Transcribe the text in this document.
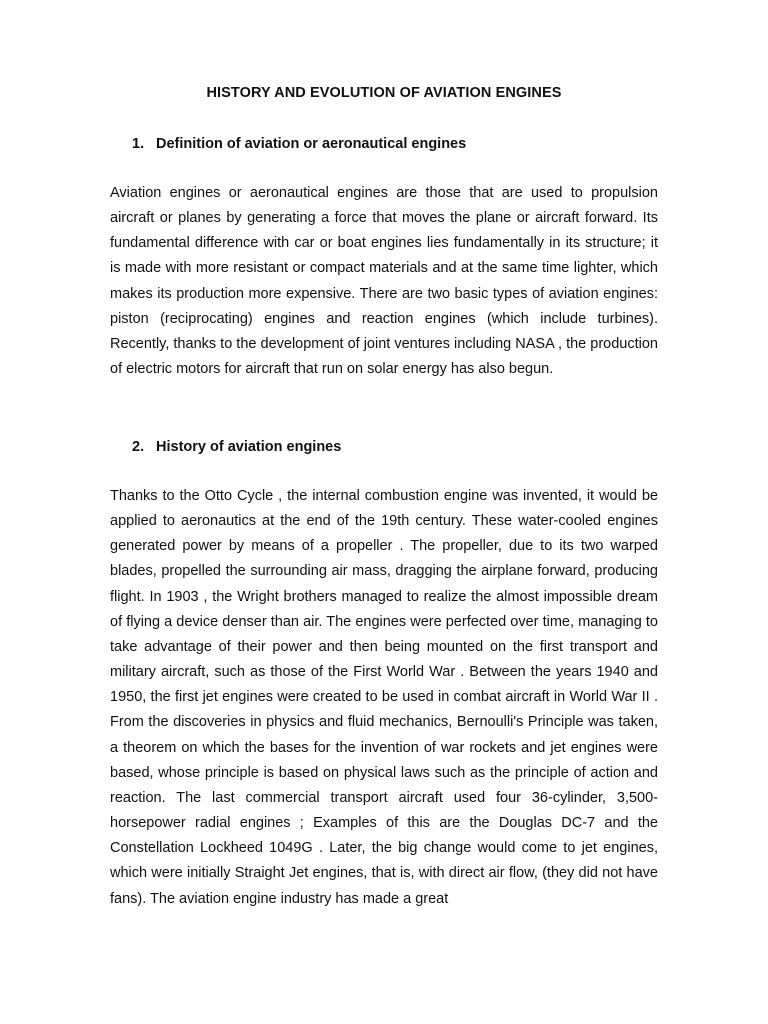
HISTORY AND EVOLUTION OF AVIATION ENGINES
1. Definition of aviation or aeronautical engines

Aviation engines or aeronautical engines are those that are used to propulsion aircraft or planes by generating a force that moves the plane or aircraft forward. Its fundamental difference with car or boat engines lies fundamentally in its structure; it is made with more resistant or compact materials and at the same time lighter, which makes its production more expensive. There are two basic types of aviation engines: piston (reciprocating) engines and reaction engines (which include turbines). Recently, thanks to the development of joint ventures including NASA , the production of electric motors for aircraft that run on solar energy has also begun.

2. History of aviation engines

Thanks to the Otto Cycle , the internal combustion engine was invented, it would be applied to aeronautics at the end of the 19th century. These water-cooled engines generated power by means of a propeller . The propeller, due to its two warped blades, propelled the surrounding air mass, dragging the airplane forward, producing flight. In 1903 , the Wright brothers managed to realize the almost impossible dream of flying a device denser than air. The engines were perfected over time, managing to take advantage of their power and then being mounted on the first transport and military aircraft, such as those of the First World War . Between the years 1940 and 1950, the first jet engines were created to be used in combat aircraft in World War II . From the discoveries in physics and fluid mechanics, Bernoulli's Principle was taken, a theorem on which the bases for the invention of war rockets and jet engines were based, whose principle is based on physical laws such as the principle of action and reaction. The last commercial transport aircraft used four 36-cylinder, 3,500-horsepower radial engines ; Examples of this are the Douglas DC-7 and the Constellation Lockheed 1049G . Later, the big change would come to jet engines, which were initially Straight Jet engines, that is, with direct air flow, (they did not have fans). The aviation engine industry has made a great
